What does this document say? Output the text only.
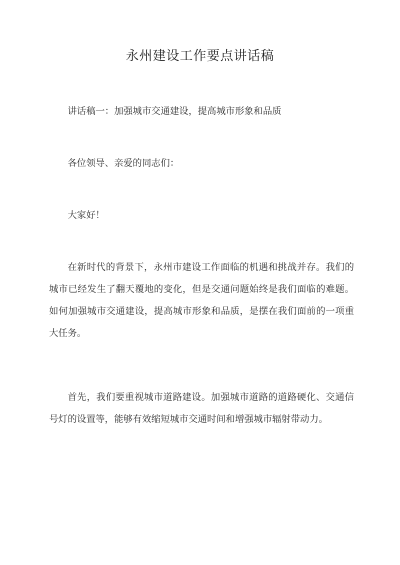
永州建设工作要点讲话稿

讲话稿一：加强城市交通建设，提高城市形象和品质

各位领导、亲爱的同志们：

大家好！

在新时代的背景下，永州市建设工作面临的机遇和挑战并存。我们的城市已经发生了翻天覆地的变化，但是交通问题始终是我们面临的难题。如何加强城市交通建设，提高城市形象和品质，是摆在我们面前的一项重大任务。

首先，我们要重视城市道路建设。加强城市道路的道路硬化、交通信号灯的设置等，能够有效缩短城市交通时间和增强城市辐射带动力。
